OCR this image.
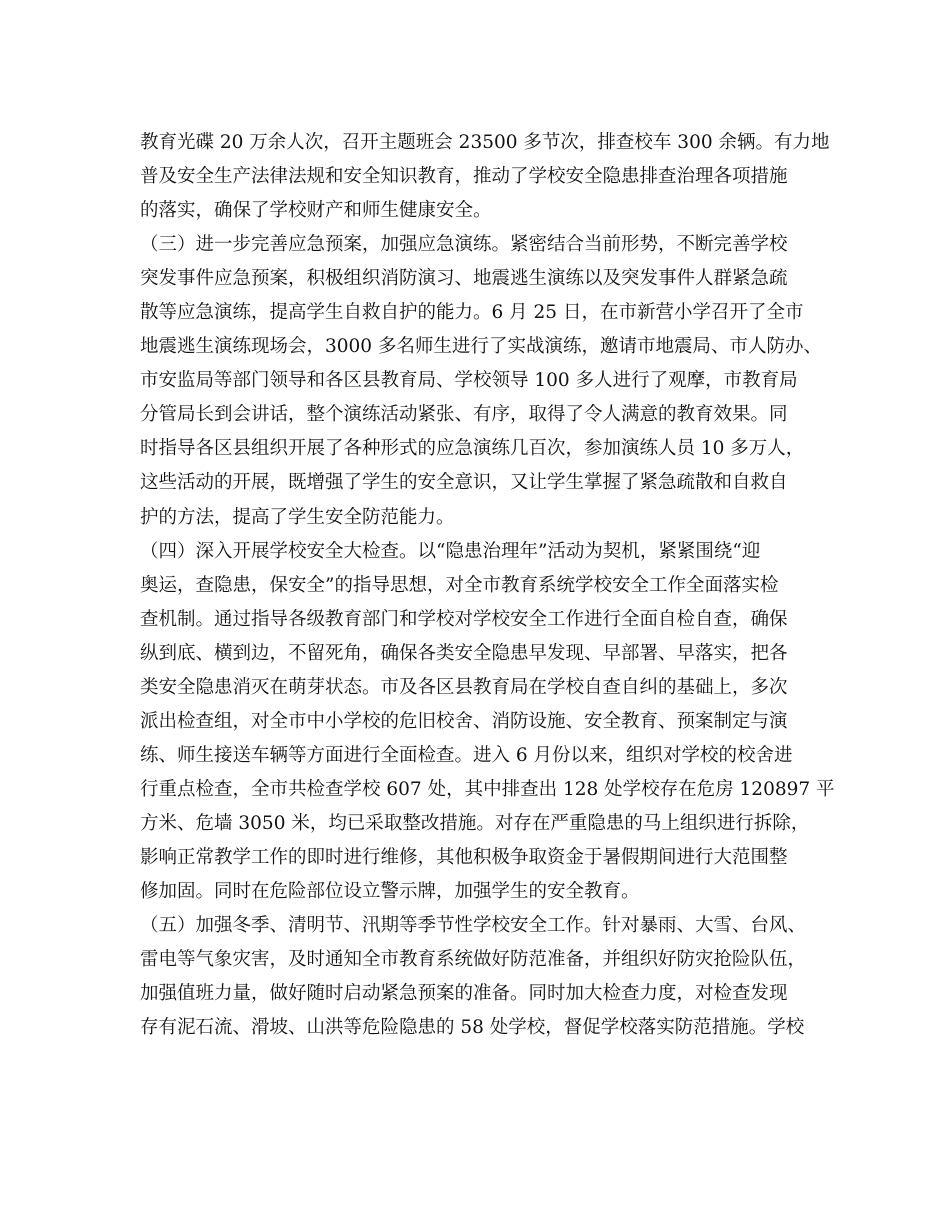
教育光碟 20 万余人次，召开主题班会 23500 多节次，排查校车 300 余辆。有力地
普及安全生产法律法规和安全知识教育，推动了学校安全隐患排查治理各项措施
的落实，确保了学校财产和师生健康安全。
（三）进一步完善应急预案，加强应急演练。紧密结合当前形势，不断完善学校
突发事件应急预案，积极组织消防演习、地震逃生演练以及突发事件人群紧急疏
散等应急演练，提高学生自救自护的能力。6 月 25 日，在市新营小学召开了全市
地震逃生演练现场会，3000 多名师生进行了实战演练，邀请市地震局、市人防办、
市安监局等部门领导和各区县教育局、学校领导 100 多人进行了观摩，市教育局
分管局长到会讲话，整个演练活动紧张、有序，取得了令人满意的教育效果。同
时指导各区县组织开展了各种形式的应急演练几百次，参加演练人员 10 多万人，
这些活动的开展，既增强了学生的安全意识，又让学生掌握了紧急疏散和自救自
护的方法，提高了学生安全防范能力。
（四）深入开展学校安全大检查。以“隐患治理年”活动为契机，紧紧围绕“迎
奥运，查隐患，保安全”的指导思想，对全市教育系统学校安全工作全面落实检
查机制。通过指导各级教育部门和学校对学校安全工作进行全面自检自查，确保
纵到底、横到边，不留死角，确保各类安全隐患早发现、早部署、早落实，把各
类安全隐患消灭在萌芽状态。市及各区县教育局在学校自查自纠的基础上，多次
派出检查组，对全市中小学校的危旧校舍、消防设施、安全教育、预案制定与演
练、师生接送车辆等方面进行全面检查。进入 6 月份以来，组织对学校的校舍进
行重点检查，全市共检查学校 607 处，其中排查出 128 处学校存在危房 120897 平
方米、危墙 3050 米，均已采取整改措施。对存在严重隐患的马上组织进行拆除，
影响正常教学工作的即时进行维修，其他积极争取资金于暑假期间进行大范围整
修加固。同时在危险部位设立警示牌，加强学生的安全教育。
（五）加强冬季、清明节、汛期等季节性学校安全工作。针对暴雨、大雪、台风、
雷电等气象灾害，及时通知全市教育系统做好防范准备，并组织好防灾抢险队伍，
加强值班力量，做好随时启动紧急预案的准备。同时加大检查力度，对检查发现
存有泥石流、滑坡、山洪等危险隐患的 58 处学校，督促学校落实防范措施。学校
